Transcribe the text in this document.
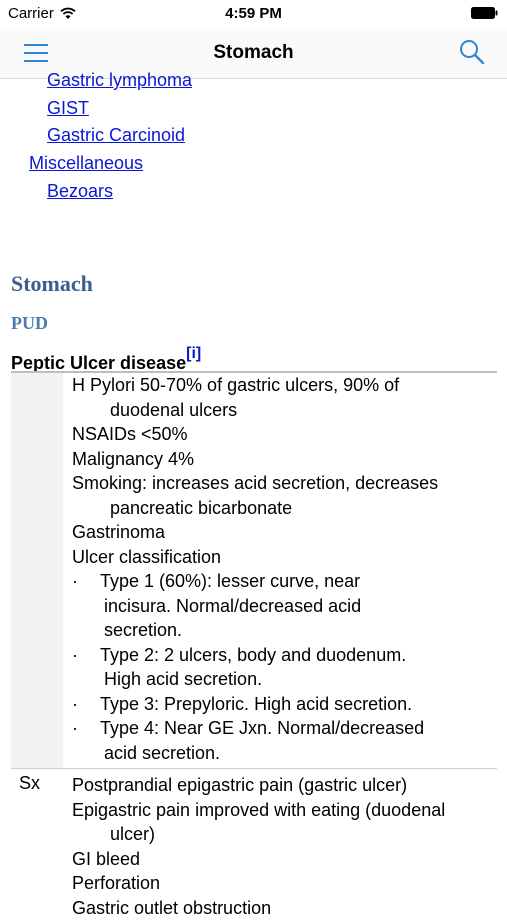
Carrier	4:59 PM
Stomach
Gastric lymphoma
GIST
Gastric Carcinoid
Miscellaneous
Bezoars
Stomach
PUD
Peptic Ulcer disease[i]
H Pylori 50-70% of gastric ulcers, 90% of
duodenal ulcers
NSAIDs <50%
Malignancy 4%
Smoking: increases acid secretion, decreases
pancreatic bicarbonate
Gastrinoma
Ulcer classification
· Type 1 (60%): lesser curve, near
incisura. Normal/decreased acid
secretion.
· Type 2: 2 ulcers, body and duodenum.
High acid secretion.
· Type 3: Prepyloric. High acid secretion.
· Type 4: Near GE Jxn. Normal/decreased
acid secretion.
Sx Postprandial epigastric pain (gastric ulcer)
Epigastric pain improved with eating (duodenal
ulcer)
GI bleed
Perforation
Gastric outlet obstruction
